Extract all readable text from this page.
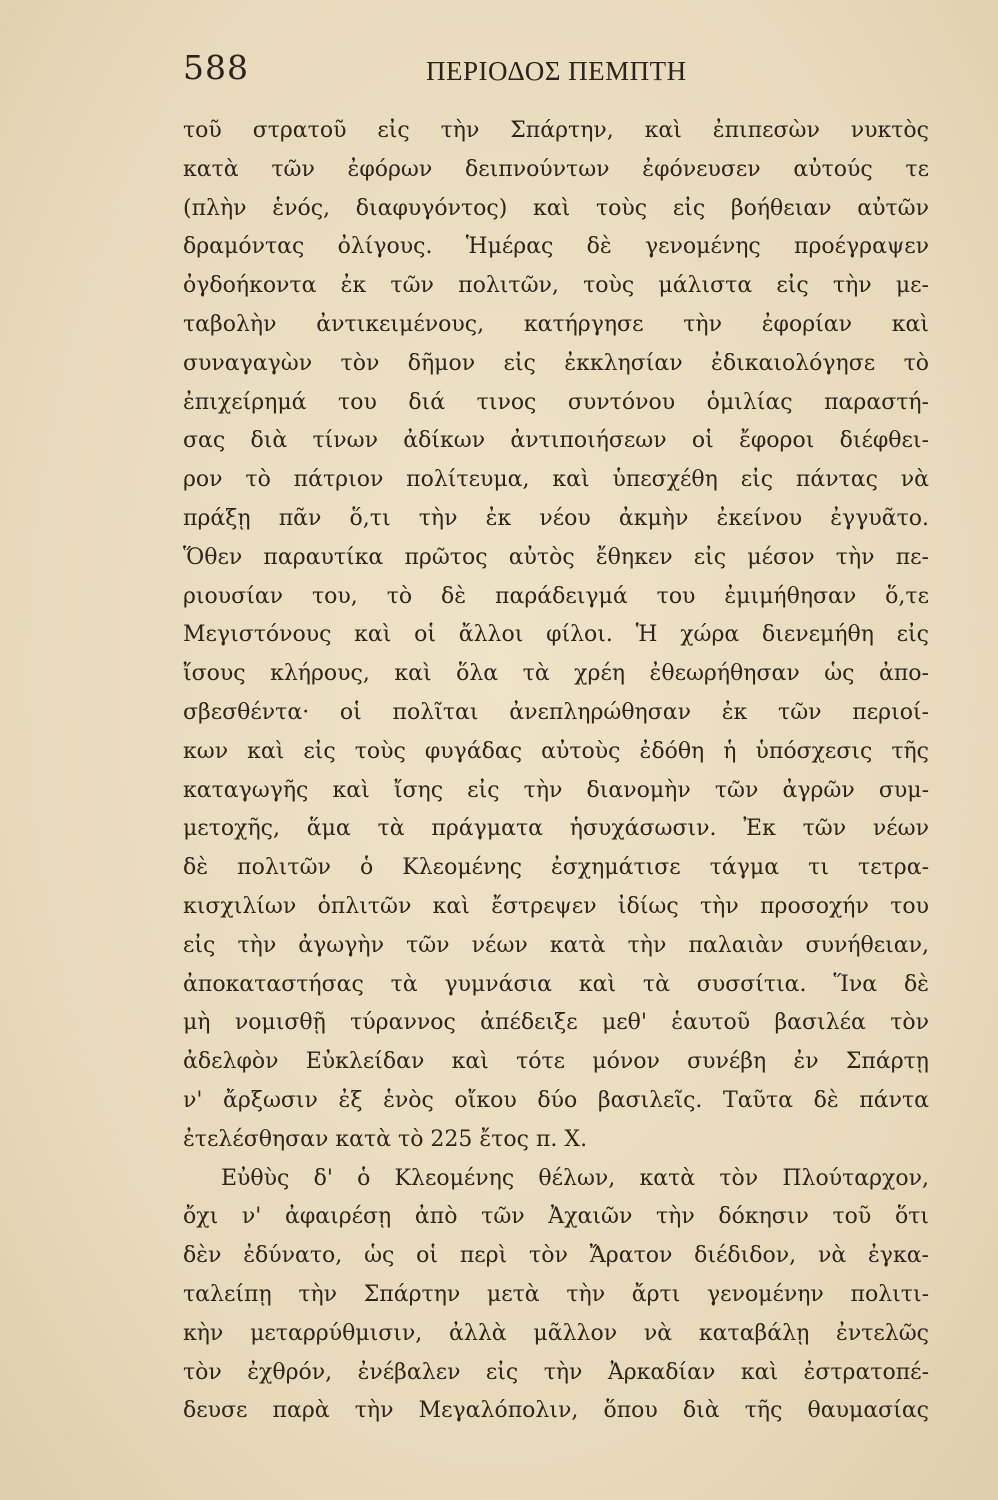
588	ΠΕΡΙΟΔΟΣ ΠΕΜΠΤΗ
τοῦ στρατοῦ εἰς τὴν Σπάρτην, καὶ ἐπιπεσὼν νυκτὸς
κατὰ τῶν ἐφόρων δειπνούντων ἐφόνευσεν αὐτούς τε
(πλὴν ἑνός, διαφυγόντος) καὶ τοὺς εἰς βοήθειαν αὐτῶν
δραμόντας ὀλίγους. Ἡμέρας δὲ γενομένης προέγραψεν
ὀγδοήκοντα ἐκ τῶν πολιτῶν, τοὺς μάλιστα εἰς τὴν με-
ταβολὴν ἀντικειμένους, κατήργησε τὴν ἐφορίαν καὶ
συναγαγὼν τὸν δῆμον εἰς ἐκκλησίαν ἐδικαιολόγησε τὸ
ἐπιχείρημά του διά τινος συντόνου ὁμιλίας παραστή-
σας διὰ τίνων ἀδίκων ἀντιποιήσεων οἱ ἔφοροι διέφθει-
ρον τὸ πάτριον πολίτευμα, καὶ ὑπεσχέθη εἰς πάντας νὰ
πράξῃ πᾶν ὅ,τι τὴν ἐκ νέου ἀκμὴν ἐκείνου ἐγγυᾶτο.
Ὅθεν παραυτίκα πρῶτος αὐτὸς ἔθηκεν εἰς μέσον τὴν πε-
ριουσίαν του, τὸ δὲ παράδειγμά του ἐμιμήθησαν ὅ,τε
Μεγιστόνους καὶ οἱ ἄλλοι φίλοι. Ἡ χώρα διενεμήθη εἰς
ἴσους κλήρους, καὶ ὅλα τὰ χρέη ἐθεωρήθησαν ὡς ἀπο-
σβεσθέντα· οἱ πολῖται ἀνεπληρώθησαν ἐκ τῶν περιοί-
κων καὶ εἰς τοὺς φυγάδας αὐτοὺς ἐδόθη ἡ ὑπόσχεσις τῆς
καταγωγῆς καὶ ἴσης εἰς τὴν διανομὴν τῶν ἀγρῶν συμ-
μετοχῆς, ἅμα τὰ πράγματα ἡσυχάσωσιν. Ἐκ τῶν νέων
δὲ πολιτῶν ὁ Κλεομένης ἐσχημάτισε τάγμα τι τετρα-
κισχιλίων ὁπλιτῶν καὶ ἔστρεψεν ἰδίως τὴν προσοχήν του
εἰς τὴν ἀγωγὴν τῶν νέων κατὰ τὴν παλαιὰν συνήθειαν,
ἀποκαταστήσας τὰ γυμνάσια καὶ τὰ συσσίτια. Ἵνα δὲ
μὴ νομισθῇ τύραννος ἀπέδειξε μεθ' ἑαυτοῦ βασιλέα τὸν
ἀδελφὸν Εὐκλείδαν καὶ τότε μόνον συνέβη ἐν Σπάρτῃ
ν' ἄρξωσιν ἐξ ἑνὸς οἴκου δύο βασιλεῖς. Ταῦτα δὲ πάντα
ἐτελέσθησαν κατὰ τὸ 225 ἔτος π. Χ.
Εὐθὺς δ' ὁ Κλεομένης θέλων, κατὰ τὸν Πλούταρχον,
ὄχι ν' ἀφαιρέσῃ ἀπὸ τῶν Ἀχαιῶν τὴν δόκησιν τοῦ ὅτι
δὲν ἐδύνατο, ὡς οἱ περὶ τὸν Ἄρατον διέδιδον, νὰ ἐγκα-
ταλείπῃ τὴν Σπάρτην μετὰ τὴν ἄρτι γενομένην πολιτι-
κὴν μεταρρύθμισιν, ἀλλὰ μᾶλλον νὰ καταβάλῃ ἐντελῶς
τὸν ἐχθρόν, ἐνέβαλεν εἰς τὴν Ἀρκαδίαν καὶ ἐστρατοπέ-
δευσε παρὰ τὴν Μεγαλόπολιν, ὅπου διὰ τῆς θαυμασίας
